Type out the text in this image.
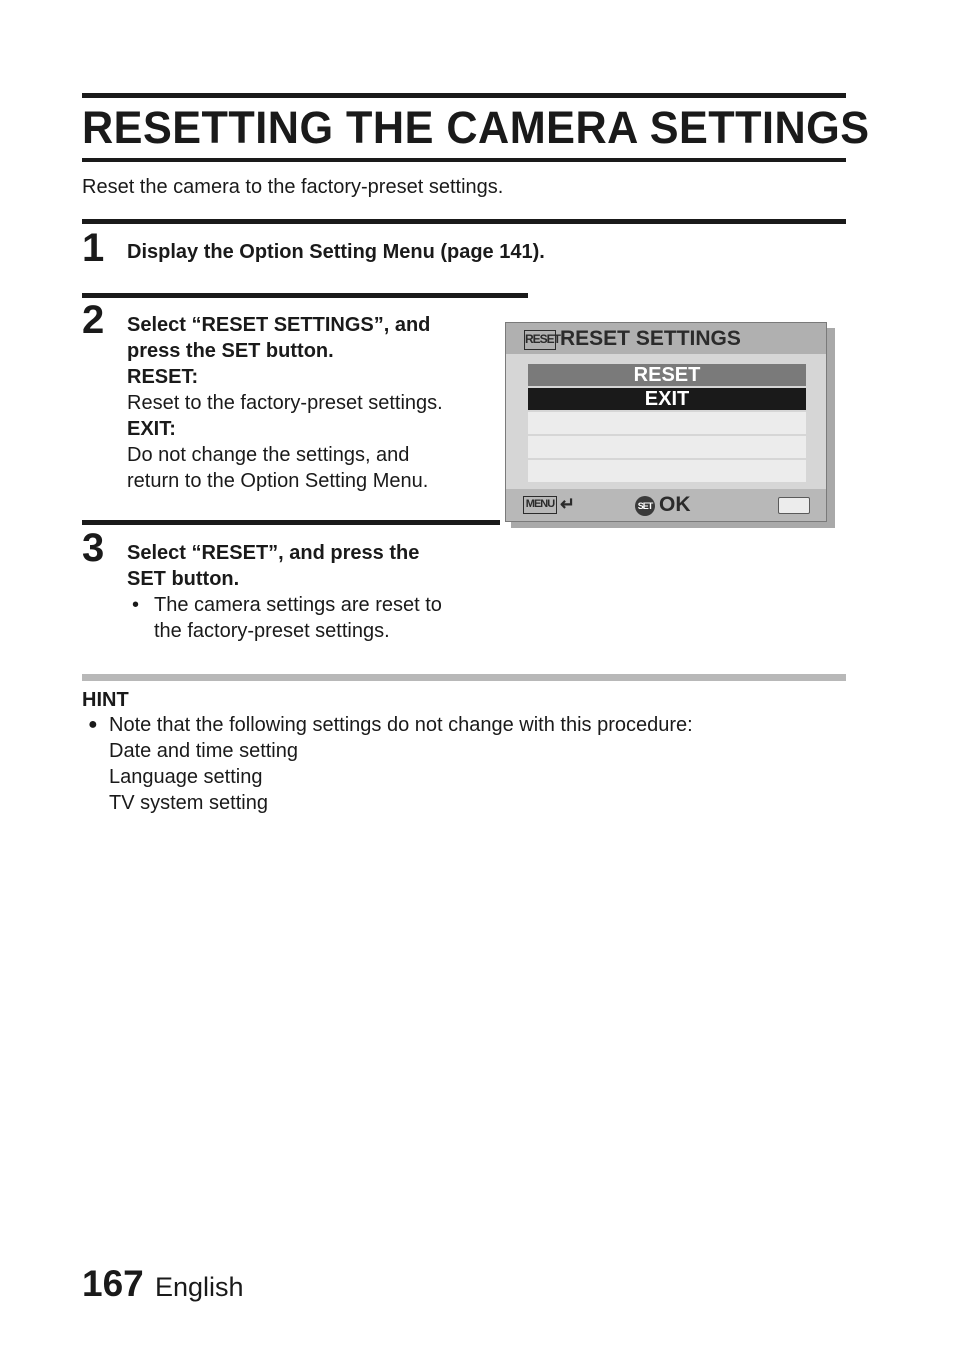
RESETTING THE CAMERA SETTINGS
Reset the camera to the factory-preset settings.
1 Display the Option Setting Menu (page 141).
2 Select “RESET SETTINGS”, and
press the SET button.
RESET:
Reset to the factory-preset settings.
EXIT:
Do not change the settings, and
return to the Option Setting Menu.
RESET RESET SETTINGS
RESET
EXIT
MENU ↵	SET OK
3 Select “RESET”, and press the
SET button.
• The camera settings are reset to
the factory-preset settings.
HINT
● Note that the following settings do not change with this procedure:
Date and time setting
Language setting
TV system setting
167 English
